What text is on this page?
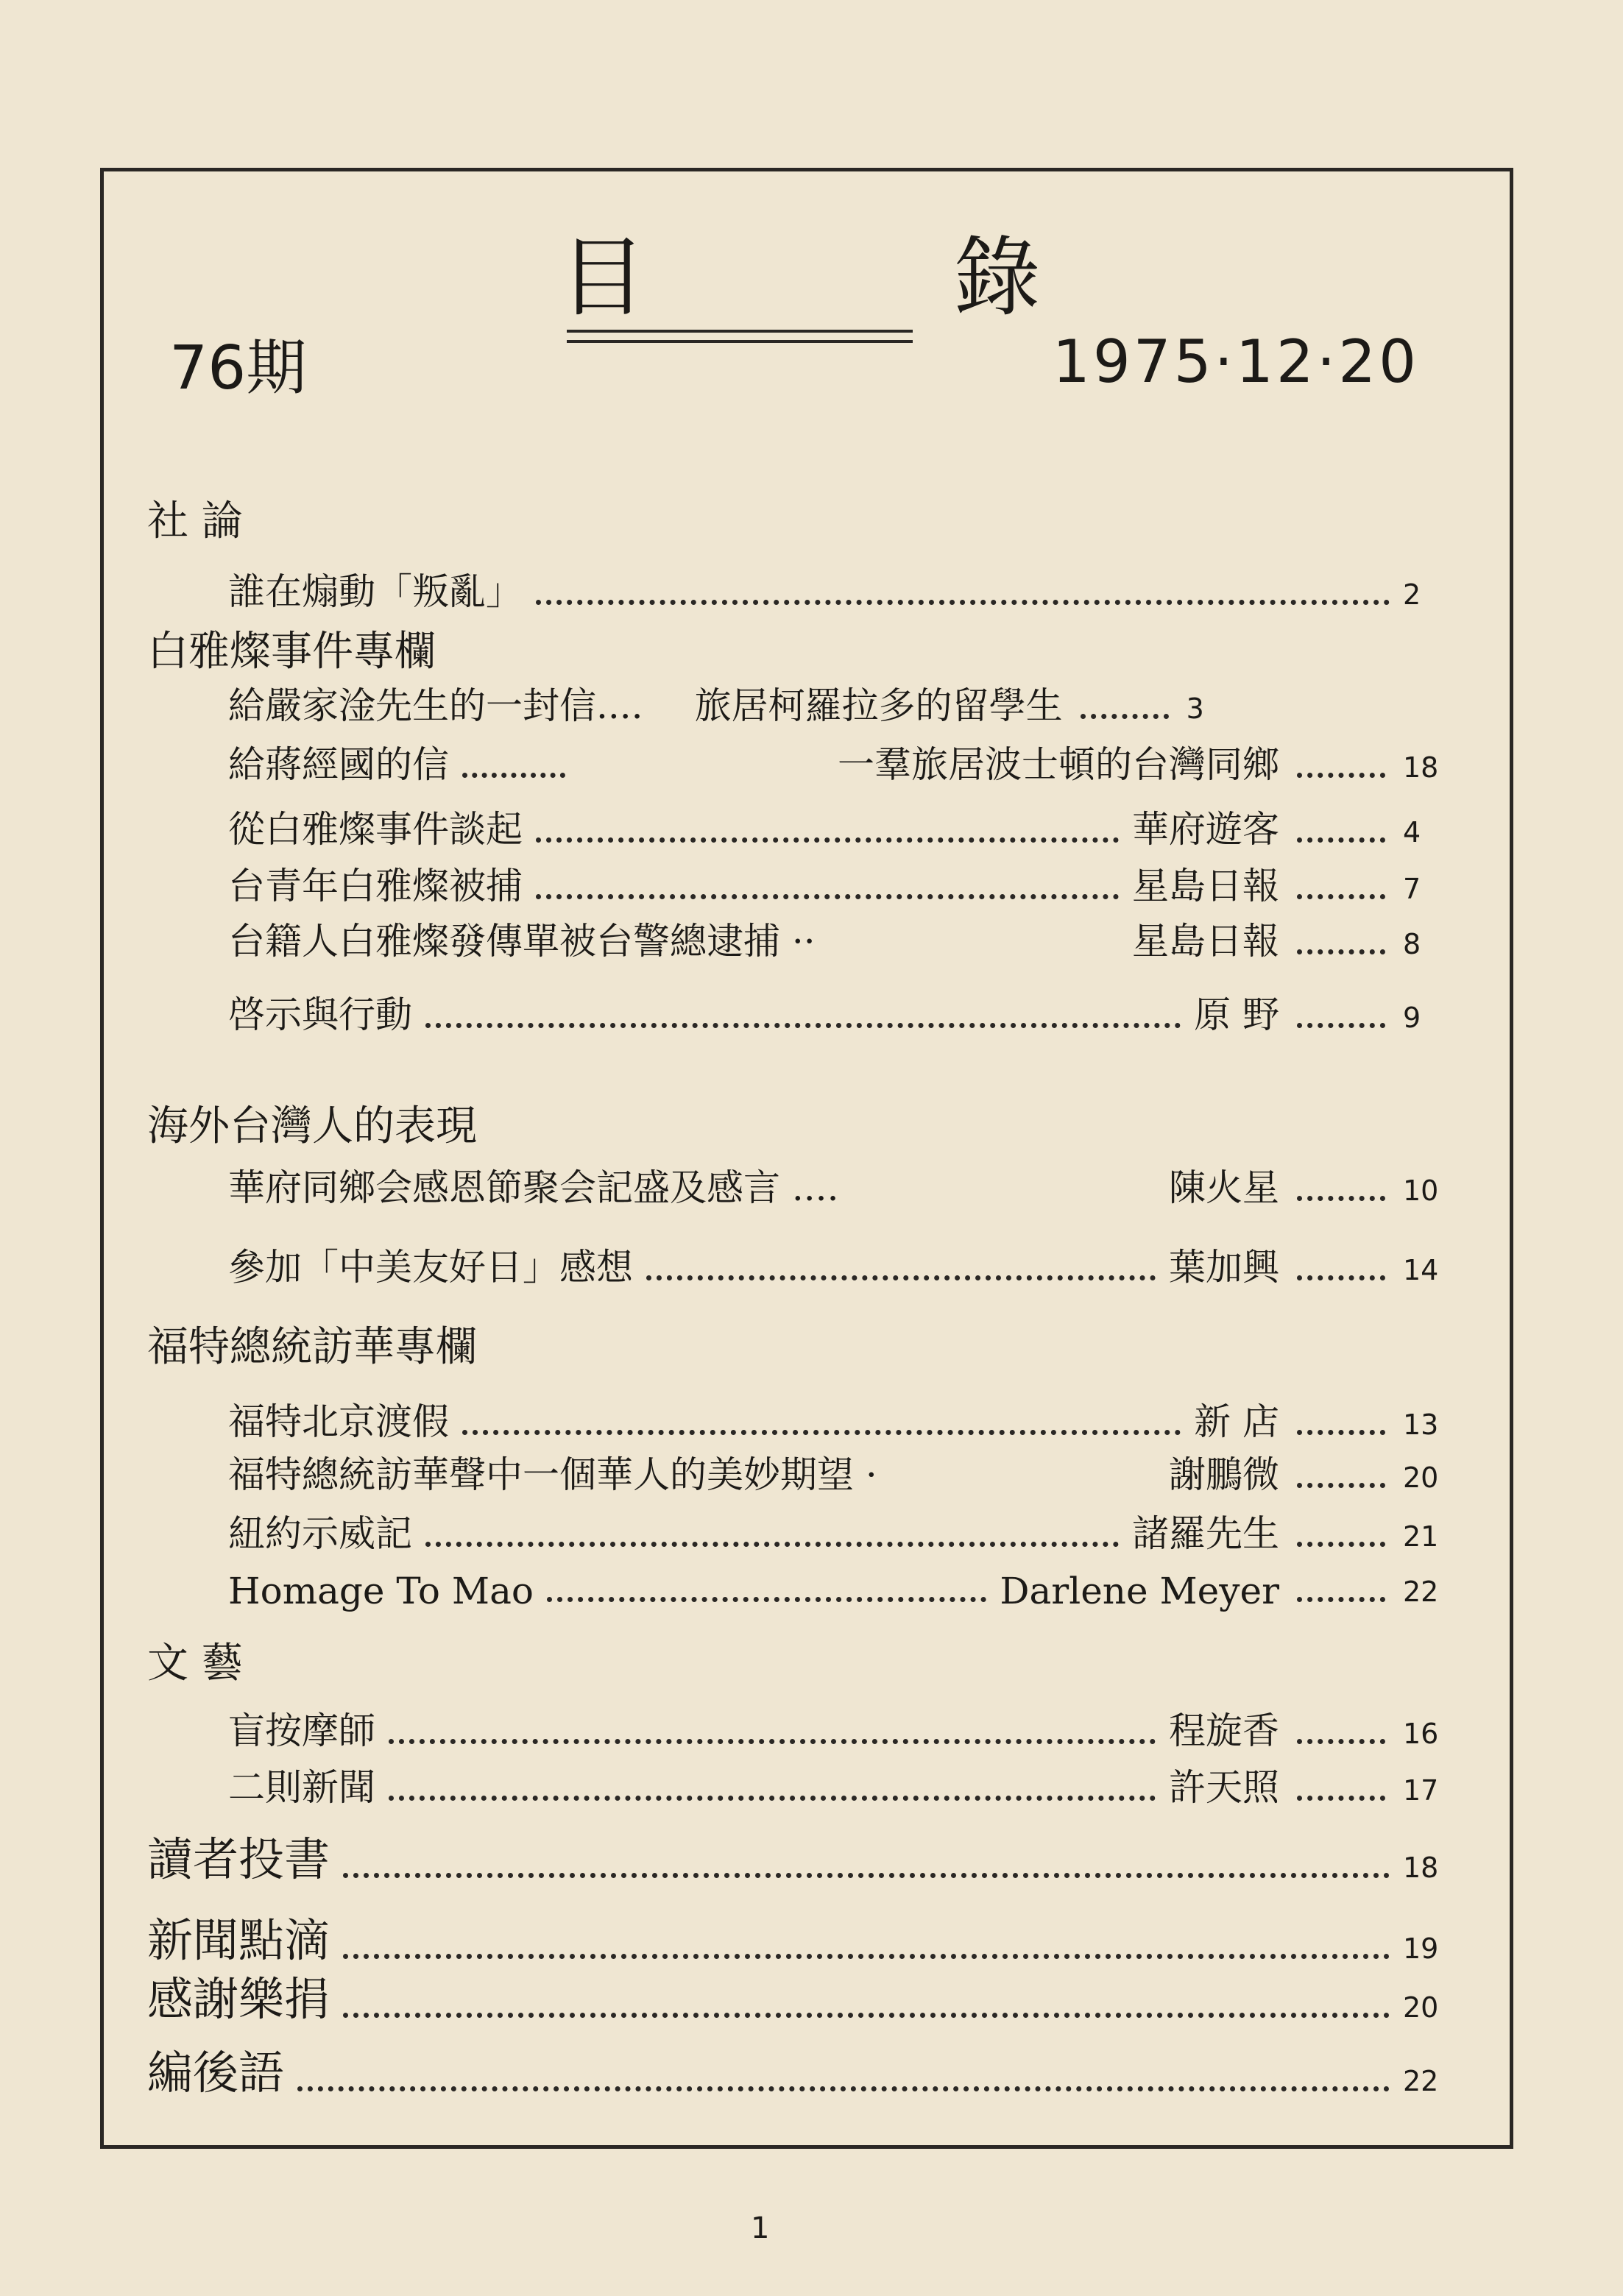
目 錄
76期	1975·12·20
社 論
誰在煽動「叛亂」	2
白雅燦事件專欄
給嚴家淦先生的一封信.... 旅居柯羅拉多的留學生	3
給蔣經國的信	一羣旅居波士頓的台灣同鄉	18
從白雅燦事件談起	華府遊客	4
台青年白雅燦被捕	星島日報	7
台籍人白雅燦發傳單被台警總逮捕 ··	星島日報	8
啓示與行動	原 野	9
海外台灣人的表現
華府同鄉会感恩節聚会記盛及感言 ....	陳火星	10
參加「中美友好日」感想	葉加興	14
福特總統訪華專欄
福特北京渡假	新 店	13
福特總統訪華聲中一個華人的美妙期望 ·	謝鵬微	20
紐約示威記	諸羅先生	21
Homage To Mao	Darlene Meyer	22
文 藝
盲按摩師	程旋香	16
二則新聞	許天照	17
讀者投書	18
新聞點滴	19
感謝樂捐	20
編後語	22
1
